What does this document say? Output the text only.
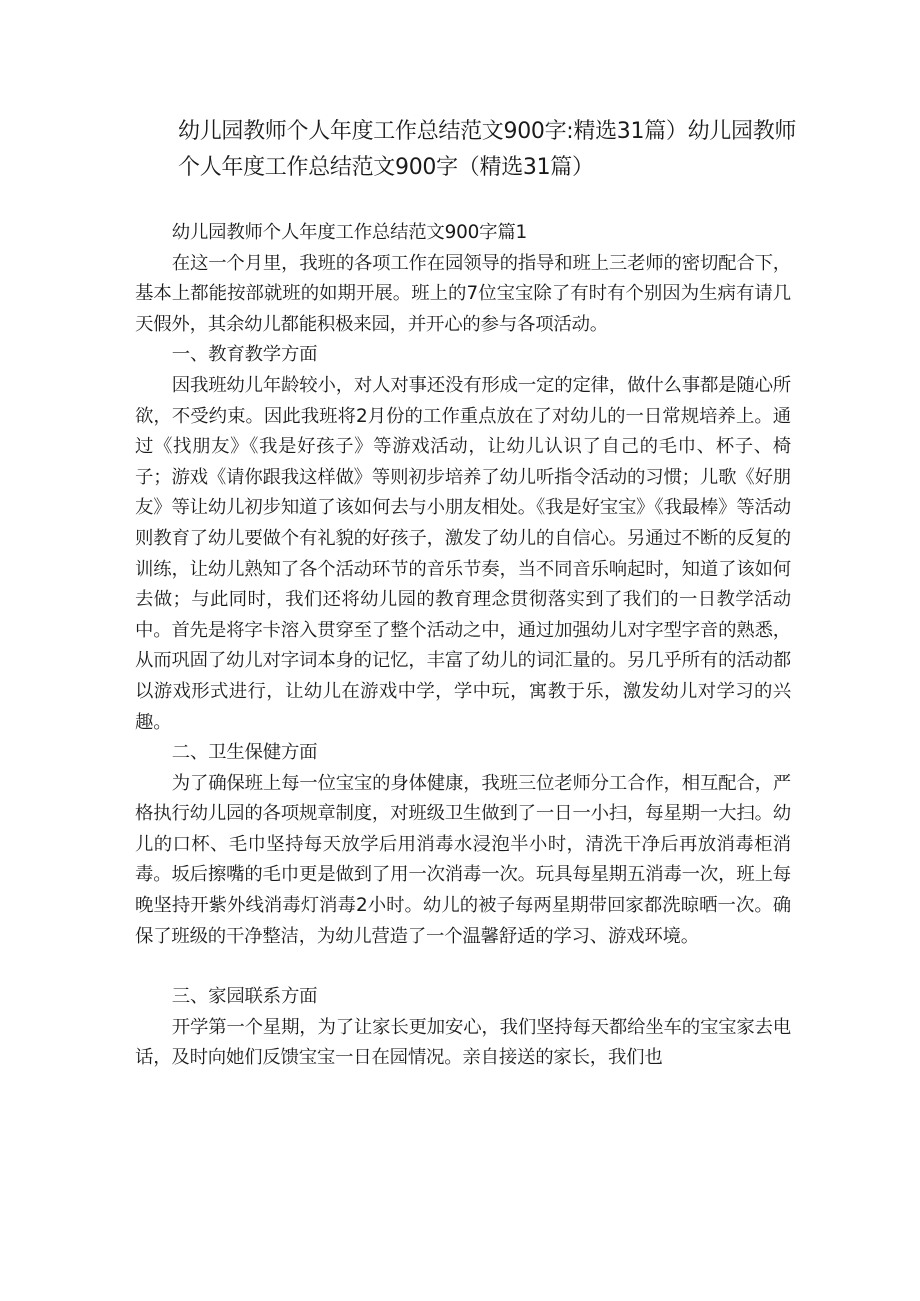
幼儿园教师个人年度工作总结范文900字:精选31篇）幼儿园教师个人年度工作总结范文900字（精选31篇）

幼儿园教师个人年度工作总结范文900字篇1

在这一个月里，我班的各项工作在园领导的指导和班上三老师的密切配合下，基本上都能按部就班的如期开展。班上的7位宝宝除了有时有个别因为生病有请几天假外，其余幼儿都能积极来园，并开心的参与各项活动。

一、教育教学方面

因我班幼儿年龄较小，对人对事还没有形成一定的定律，做什么事都是随心所欲，不受约束。因此我班将2月份的工作重点放在了对幼儿的一日常规培养上。通过《找朋友》《我是好孩子》等游戏活动，让幼儿认识了自己的毛巾、杯子、椅子；游戏《请你跟我这样做》等则初步培养了幼儿听指令活动的习惯；儿歌《好朋友》等让幼儿初步知道了该如何去与小朋友相处。《我是好宝宝》《我最棒》等活动则教育了幼儿要做个有礼貌的好孩子，激发了幼儿的自信心。另通过不断的反复的训练，让幼儿熟知了各个活动环节的音乐节奏，当不同音乐响起时，知道了该如何去做；与此同时，我们还将幼儿园的教育理念贯彻落实到了我们的一日教学活动中。首先是将字卡溶入贯穿至了整个活动之中，通过加强幼儿对字型字音的熟悉，从而巩固了幼儿对字词本身的记忆，丰富了幼儿的词汇量的。另几乎所有的活动都以游戏形式进行，让幼儿在游戏中学，学中玩，寓教于乐，激发幼儿对学习的兴趣。

二、卫生保健方面

为了确保班上每一位宝宝的身体健康，我班三位老师分工合作，相互配合，严格执行幼儿园的各项规章制度，对班级卫生做到了一日一小扫，每星期一大扫。幼儿的口杯、毛巾坚持每天放学后用消毒水浸泡半小时，清洗干净后再放消毒柜消毒。坂后擦嘴的毛巾更是做到了用一次消毒一次。玩具每星期五消毒一次，班上每晚坚持开紫外线消毒灯消毒2小时。幼儿的被子每两星期带回家都洗晾晒一次。确保了班级的干净整洁，为幼儿营造了一个温馨舒适的学习、游戏环境。

三、家园联系方面

开学第一个星期，为了让家长更加安心，我们坚持每天都给坐车的宝宝家去电话，及时向她们反馈宝宝一日在园情况。亲自接送的家长，我们也
